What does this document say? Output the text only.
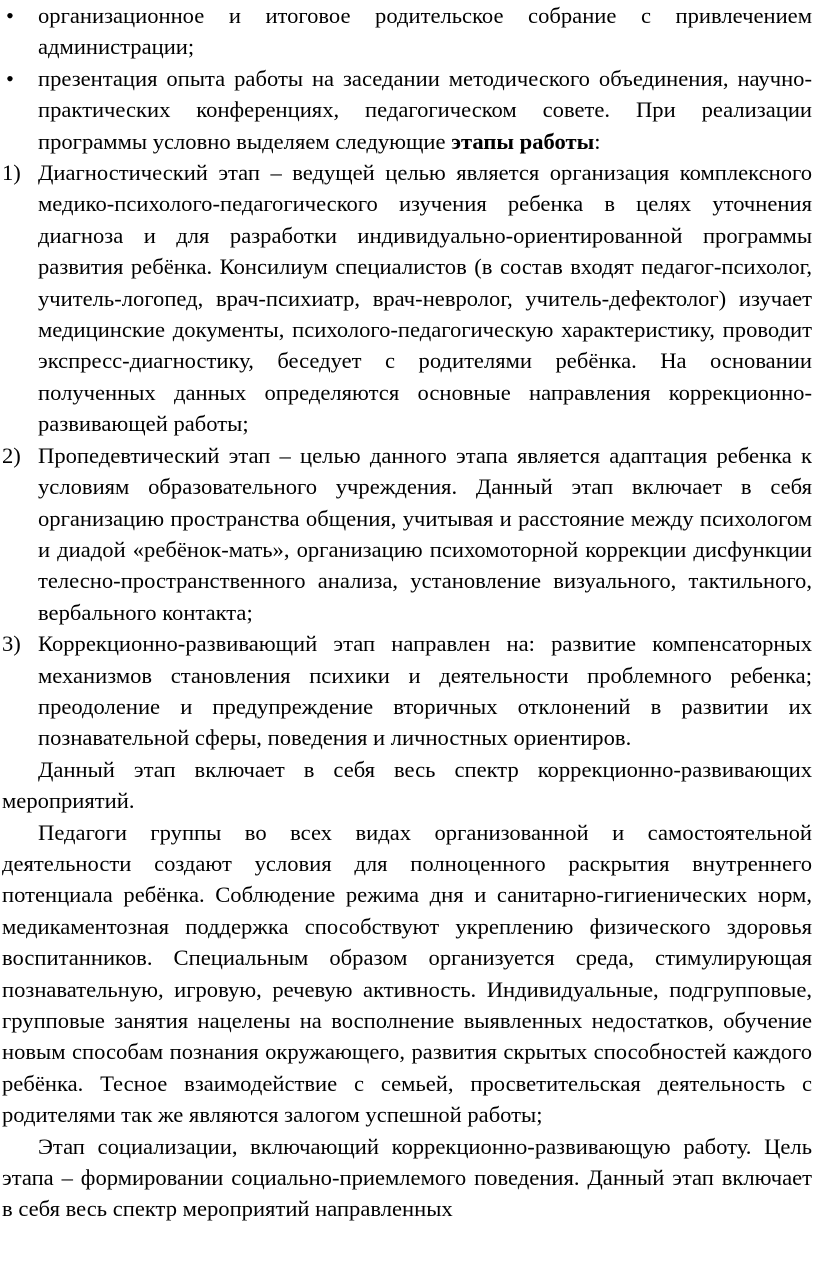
•	организационное и итоговое родительское собрание с привлечением администрации;
•	презентация опыта работы на заседании методического объединения, научно-практических конференциях, педагогическом совете. При реализации программы условно выделяем следующие этапы работы:
1) Диагностический этап – ведущей целью является организация комплексного медико-психолого-педагогического изучения ребенка в целях уточнения диагноза и для разработки индивидуально-ориентированной программы развития ребёнка. Консилиум специалистов (в состав входят педагог-психолог, учитель-логопед, врач-психиатр, врач-невролог, учитель-дефектолог) изучает медицинские документы, психолого-педагогическую характеристику, проводит экспресс-диагностику, беседует с родителями ребёнка. На основании полученных данных определяются основные направления коррекционно-развивающей работы;
2) Пропедевтический этап – целью данного этапа является адаптация ребенка к условиям образовательного учреждения. Данный этап включает в себя организацию пространства общения, учитывая и расстояние между психологом и диадой «ребёнок-мать», организацию психомоторной коррекции дисфункции телесно-пространственного анализа, установление визуального, тактильного, вербального контакта;
3) Коррекционно-развивающий этап направлен на: развитие компенсаторных механизмов становления психики и деятельности проблемного ребенка; преодоление и предупреждение вторичных отклонений в развитии их познавательной сферы, поведения и личностных ориентиров.

Данный этап включает в себя весь спектр коррекционно-развивающих мероприятий.

Педагоги группы во всех видах организованной и самостоятельной деятельности создают условия для полноценного раскрытия внутреннего потенциала ребёнка. Соблюдение режима дня и санитарно-гигиенических норм, медикаментозная поддержка способствуют укреплению физического здоровья воспитанников. Специальным образом организуется среда, стимулирующая познавательную, игровую, речевую активность. Индивидуальные, подгрупповые, групповые занятия нацелены на восполнение выявленных недостатков, обучение новым способам познания окружающего, развития скрытых способностей каждого ребёнка. Тесное взаимодействие с семьей, просветительская деятельность с родителями так же являются залогом успешной работы;

Этап социализации, включающий коррекционно-развивающую работу. Цель этапа – формировании социально-приемлемого поведения. Данный этап включает в себя весь спектр мероприятий направленных
